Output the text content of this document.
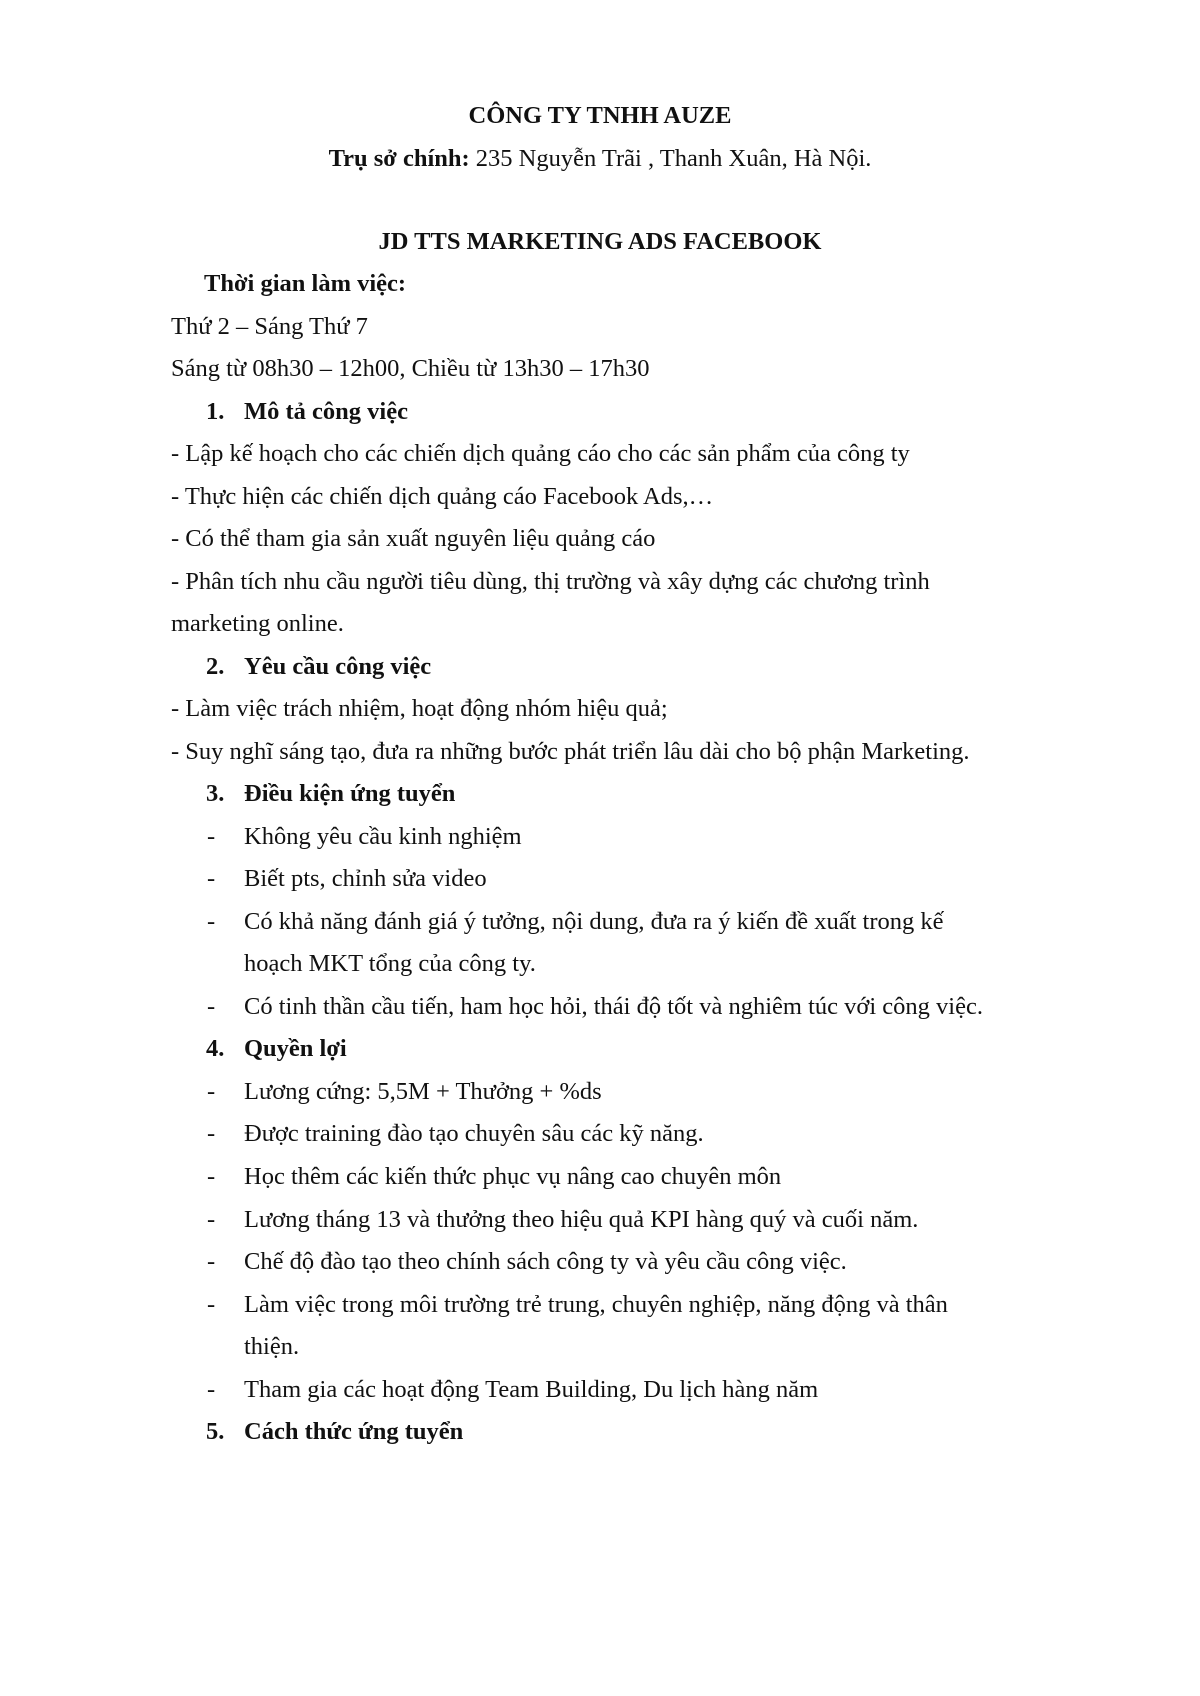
CÔNG TY TNHH AUZE
Trụ sở chính: 235 Nguyễn Trãi , Thanh Xuân, Hà Nội.
JD TTS MARKETING ADS FACEBOOK
Thời gian làm việc:
Thứ 2 – Sáng Thứ 7
Sáng từ 08h30 – 12h00, Chiều từ 13h30 – 17h30
1. Mô tả công việc
- Lập kế hoạch cho các chiến dịch quảng cáo cho các sản phẩm của công ty
- Thực hiện các chiến dịch quảng cáo Facebook Ads,…
- Có thể tham gia sản xuất nguyên liệu quảng cáo
- Phân tích nhu cầu người tiêu dùng, thị trường và xây dựng các chương trình
marketing online.
2. Yêu cầu công việc
- Làm việc trách nhiệm, hoạt động nhóm hiệu quả;
- Suy nghĩ sáng tạo, đưa ra những bước phát triển lâu dài cho bộ phận Marketing.
3. Điều kiện ứng tuyển
- Không yêu cầu kinh nghiệm
- Biết pts, chỉnh sửa video
- Có khả năng đánh giá ý tưởng, nội dung, đưa ra ý kiến đề xuất trong kế
hoạch MKT tổng của công ty.
- Có tinh thần cầu tiến, ham học hỏi, thái độ tốt và nghiêm túc với công việc.
4. Quyền lợi
- Lương cứng: 5,5M + Thưởng + %ds
- Được training đào tạo chuyên sâu các kỹ năng.
- Học thêm các kiến thức phục vụ nâng cao chuyên môn
- Lương tháng 13 và thưởng theo hiệu quả KPI hàng quý và cuối năm.
- Chế độ đào tạo theo chính sách công ty và yêu cầu công việc.
- Làm việc trong môi trường trẻ trung, chuyên nghiệp, năng động và thân
thiện.
- Tham gia các hoạt động Team Building, Du lịch hàng năm
5. Cách thức ứng tuyển
